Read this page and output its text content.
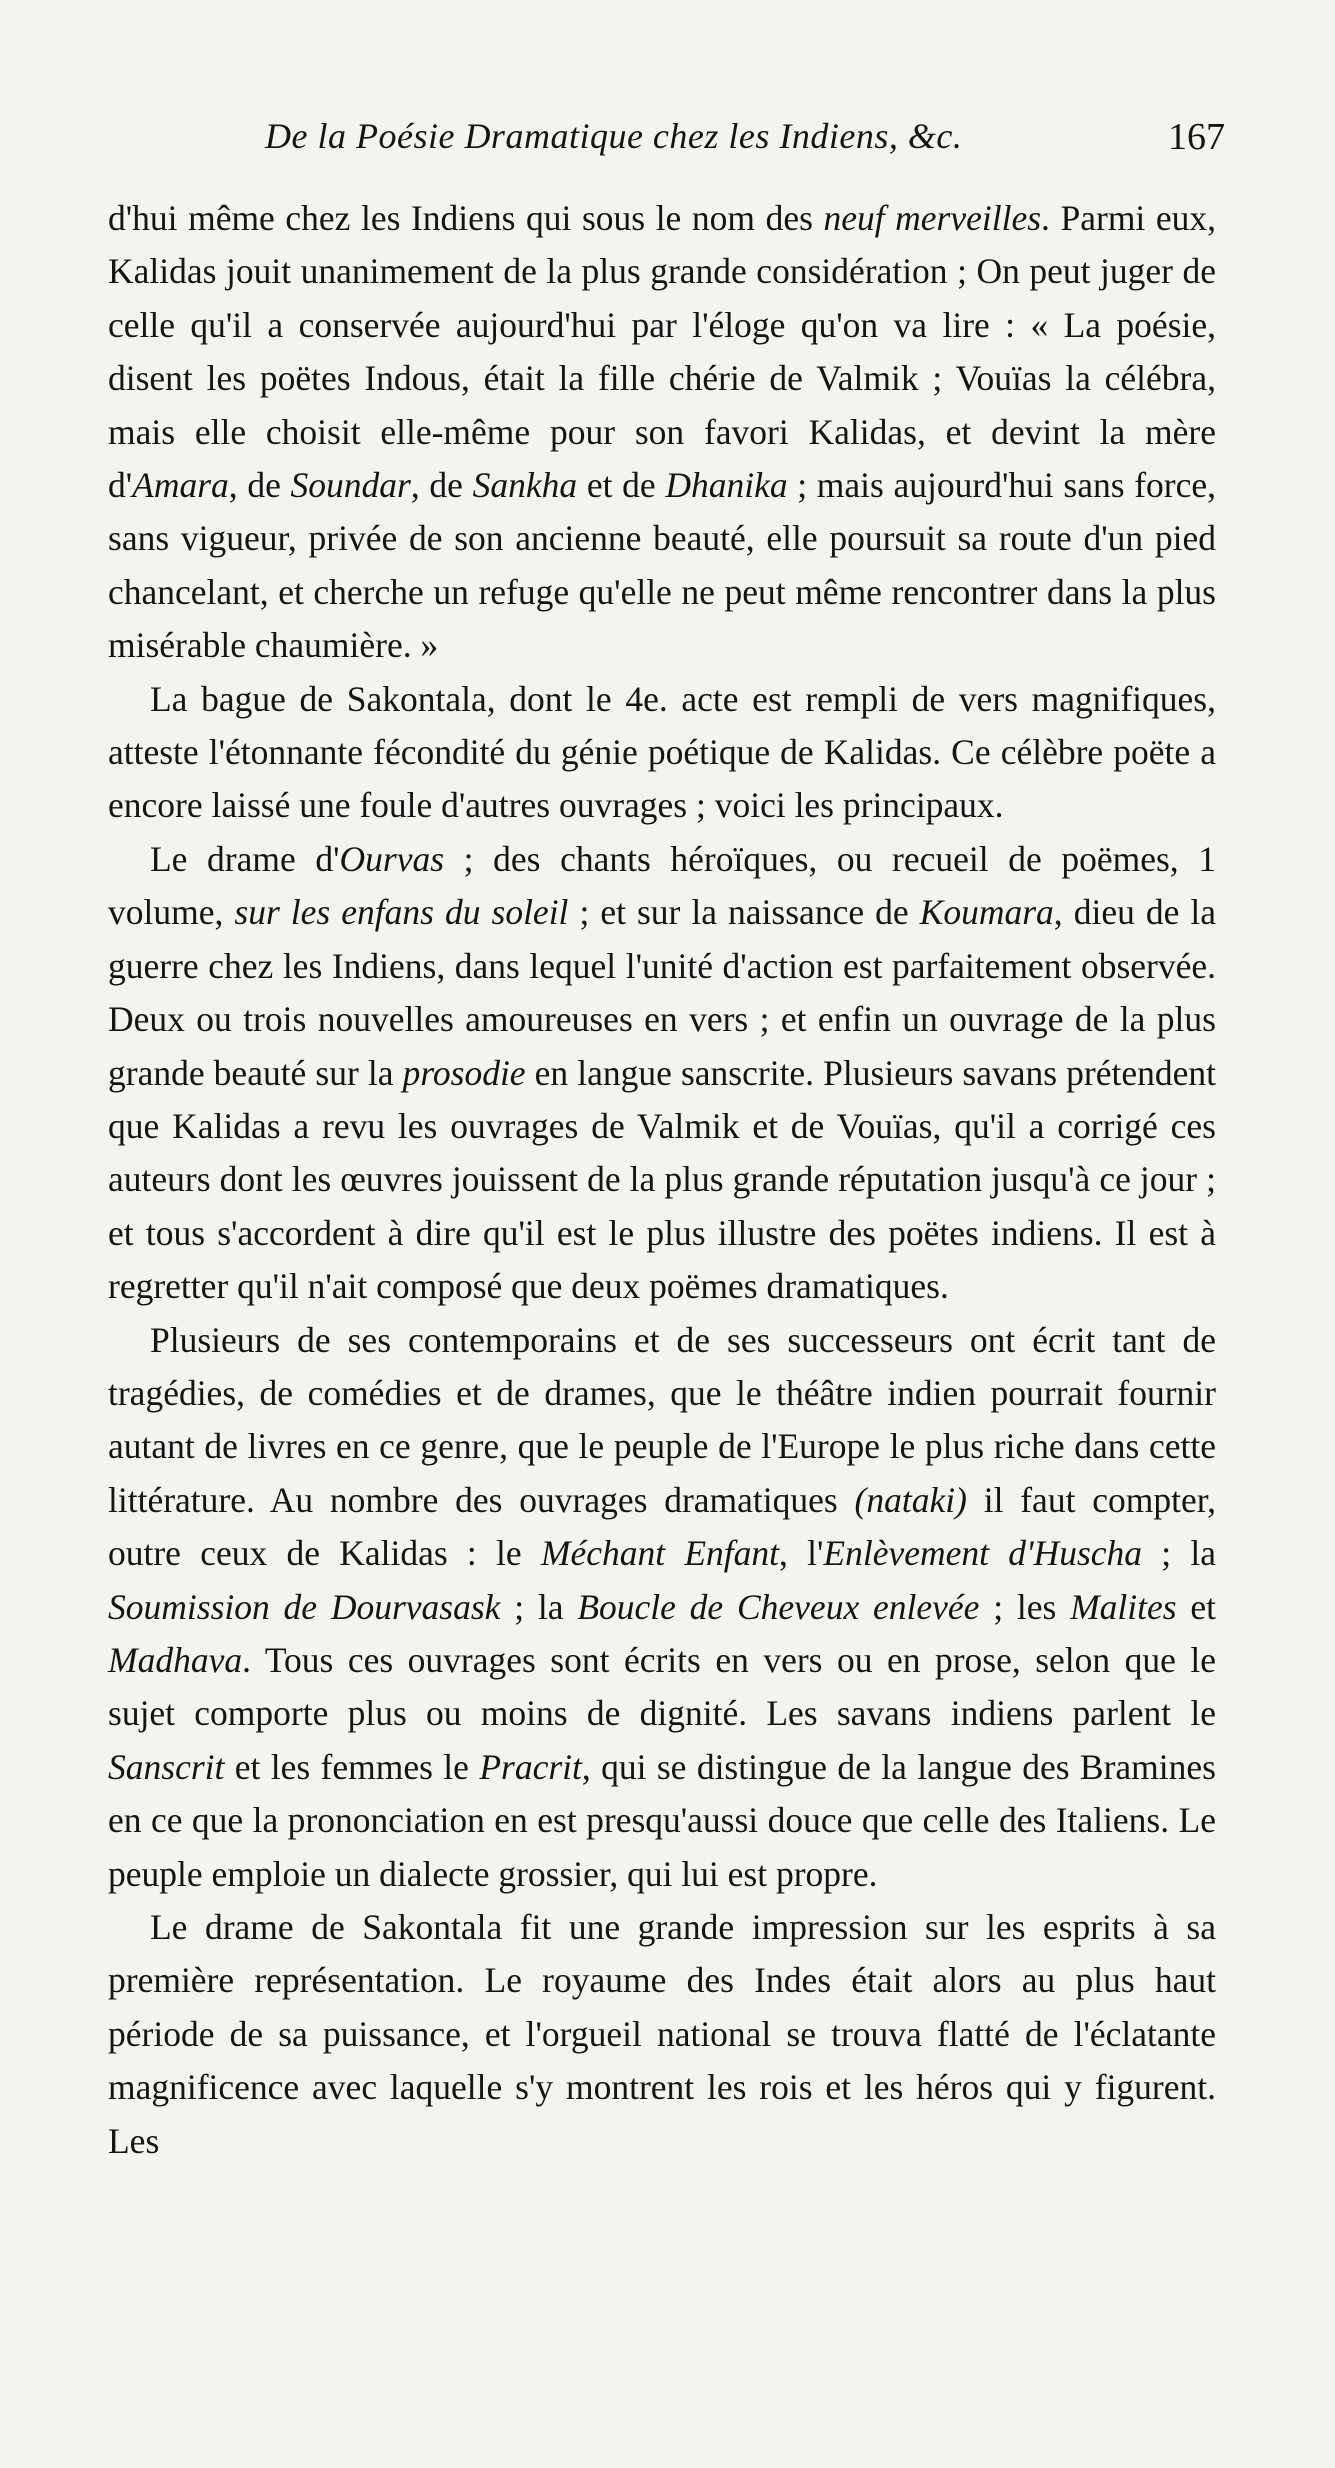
De la Poésie Dramatique chez les Indiens, &c.	167

d'hui même chez les Indiens qui sous le nom des neuf merveilles. Parmi eux, Kalidas jouit unanimement de la plus grande considération ; On peut juger de celle qu'il a conservée aujourd'hui par l'éloge qu'on va lire : « La poésie, disent les poëtes Indous, était la fille chérie de Valmik ; Vouïas la célébra, mais elle choisit elle-même pour son favori Kalidas, et devint la mère d'Amara, de Soundar, de Sankha et de Dhanika ; mais aujourd'hui sans force, sans vigueur, privée de son ancienne beauté, elle poursuit sa route d'un pied chancelant, et cherche un refuge qu'elle ne peut même rencontrer dans la plus misérable chaumière. »

La bague de Sakontala, dont le 4e. acte est rempli de vers magnifiques, atteste l'étonnante fécondité du génie poétique de Kalidas. Ce célèbre poëte a encore laissé une foule d'autres ouvrages ; voici les principaux.

Le drame d'Ourvas ; des chants héroïques, ou recueil de poëmes, 1 volume, sur les enfans du soleil ; et sur la naissance de Koumara, dieu de la guerre chez les Indiens, dans lequel l'unité d'action est parfaitement observée. Deux ou trois nouvelles amoureuses en vers ; et enfin un ouvrage de la plus grande beauté sur la prosodie en langue sanscrite. Plusieurs savans prétendent que Kalidas a revu les ouvrages de Valmik et de Vouïas, qu'il a corrigé ces auteurs dont les œuvres jouissent de la plus grande réputation jusqu'à ce jour ; et tous s'accordent à dire qu'il est le plus illustre des poëtes indiens. Il est à regretter qu'il n'ait composé que deux poëmes dramatiques.

Plusieurs de ses contemporains et de ses successeurs ont écrit tant de tragédies, de comédies et de drames, que le théâtre indien pourrait fournir autant de livres en ce genre, que le peuple de l'Europe le plus riche dans cette littérature. Au nombre des ouvrages dramatiques (nataki) il faut compter, outre ceux de Kalidas : le Méchant Enfant, l'Enlèvement d'Huscha ; la Soumission de Dourvasask ; la Boucle de Cheveux enlevée ; les Malites et Madhava. Tous ces ouvrages sont écrits en vers ou en prose, selon que le sujet comporte plus ou moins de dignité. Les savans indiens parlent le Sanscrit et les femmes le Pracrit, qui se distingue de la langue des Bramines en ce que la prononciation en est presqu'aussi douce que celle des Italiens. Le peuple emploie un dialecte grossier, qui lui est propre.

Le drame de Sakontala fit une grande impression sur les esprits à sa première représentation. Le royaume des Indes était alors au plus haut période de sa puissance, et l'orgueil national se trouva flatté de l'éclatante magnificence avec laquelle s'y montrent les rois et les héros qui y figurent. Les
